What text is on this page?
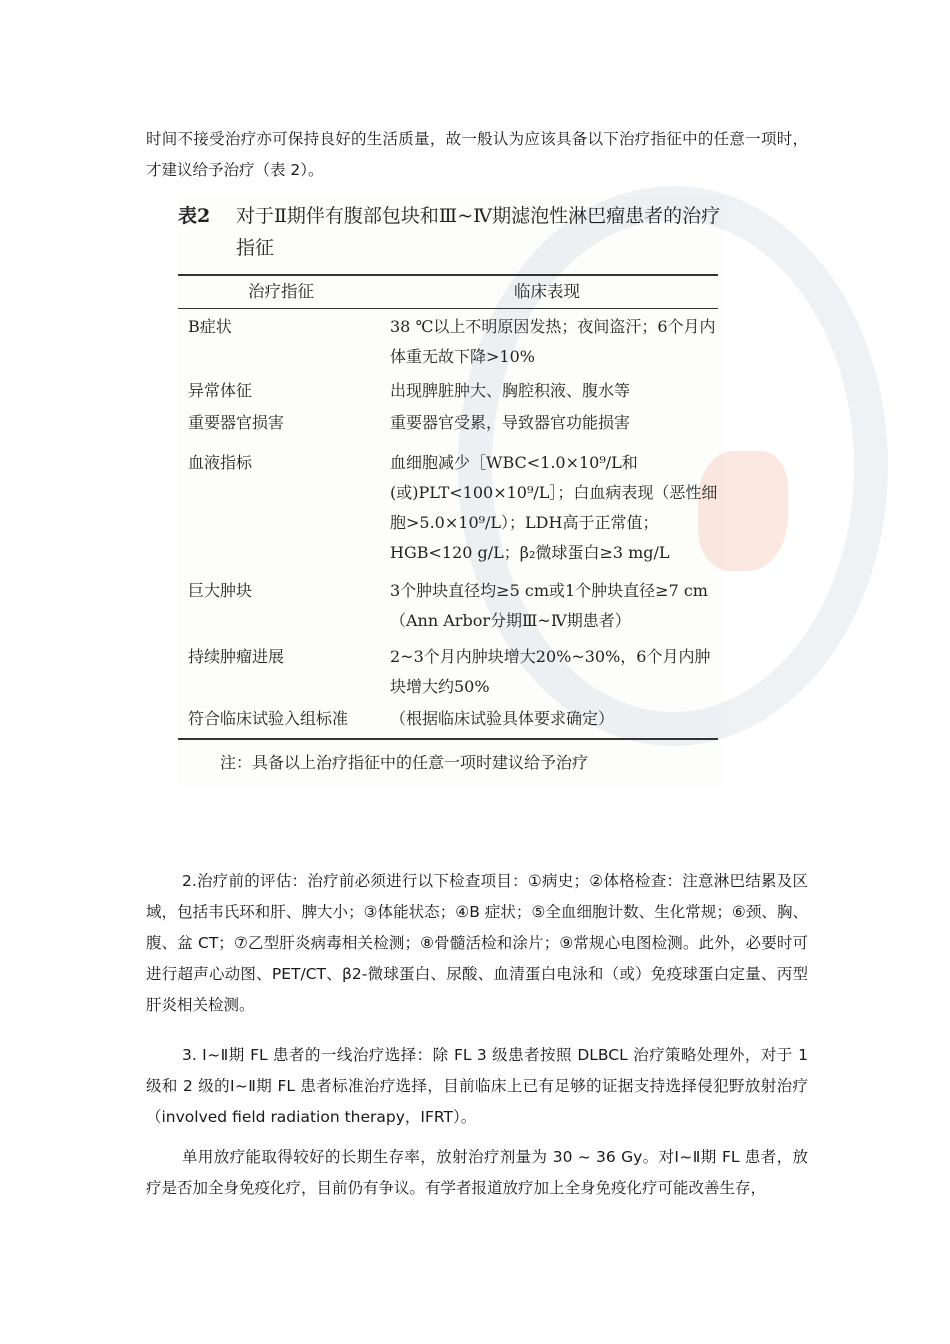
时间不接受治疗亦可保持良好的生活质量，故一般认为应该具备以下治疗指征中的任意一项时，才建议给予治疗（表 2）。

表2 对于Ⅱ期伴有腹部包块和Ⅲ~Ⅳ期滤泡性淋巴瘤患者的治疗指征
治疗指征	临床表现
B症状	38 ℃以上不明原因发热；夜间盗汗；6个月内体重无故下降>10%
异常体征	出现脾脏肿大、胸腔积液、腹水等
重要器官损害	重要器官受累，导致器官功能损害
血液指标	血细胞减少［WBC<1.0×10⁹/L和(或)PLT<100×10⁹/L］；白血病表现（恶性细胞>5.0×10⁹/L）；LDH高于正常值；HGB<120 g/L；β₂微球蛋白≥3 mg/L
巨大肿块	3个肿块直径均≥5 cm或1个肿块直径≥7 cm（Ann Arbor分期Ⅲ~Ⅳ期患者）
持续肿瘤进展	2~3个月内肿块增大20%~30%，6个月内肿块增大约50%
符合临床试验入组标准	（根据临床试验具体要求确定）
注：具备以上治疗指征中的任意一项时建议给予治疗

2.治疗前的评估：治疗前必须进行以下检查项目：①病史；②体格检查：注意淋巴结累及区域，包括韦氏环和肝、脾大小；③体能状态；④B 症状；⑤全血细胞计数、生化常规；⑥颈、胸、腹、盆 CT；⑦乙型肝炎病毒相关检测；⑧骨髓活检和涂片；⑨常规心电图检测。此外，必要时可进行超声心动图、PET/CT、β2-微球蛋白、尿酸、血清蛋白电泳和（或）免疫球蛋白定量、丙型肝炎相关检测。

3. Ⅰ~Ⅱ期 FL 患者的一线治疗选择：除 FL 3 级患者按照 DLBCL 治疗策略处理外，对于 1 级和 2 级的Ⅰ~Ⅱ期 FL 患者标准治疗选择，目前临床上已有足够的证据支持选择侵犯野放射治疗（involved field radiation therapy，IFRT）。

单用放疗能取得较好的长期生存率，放射治疗剂量为 30 ~ 36 Gy。对Ⅰ~Ⅱ期 FL 患者，放疗是否加全身免疫化疗，目前仍有争议。有学者报道放疗加上全身免疫化疗可能改善生存，
